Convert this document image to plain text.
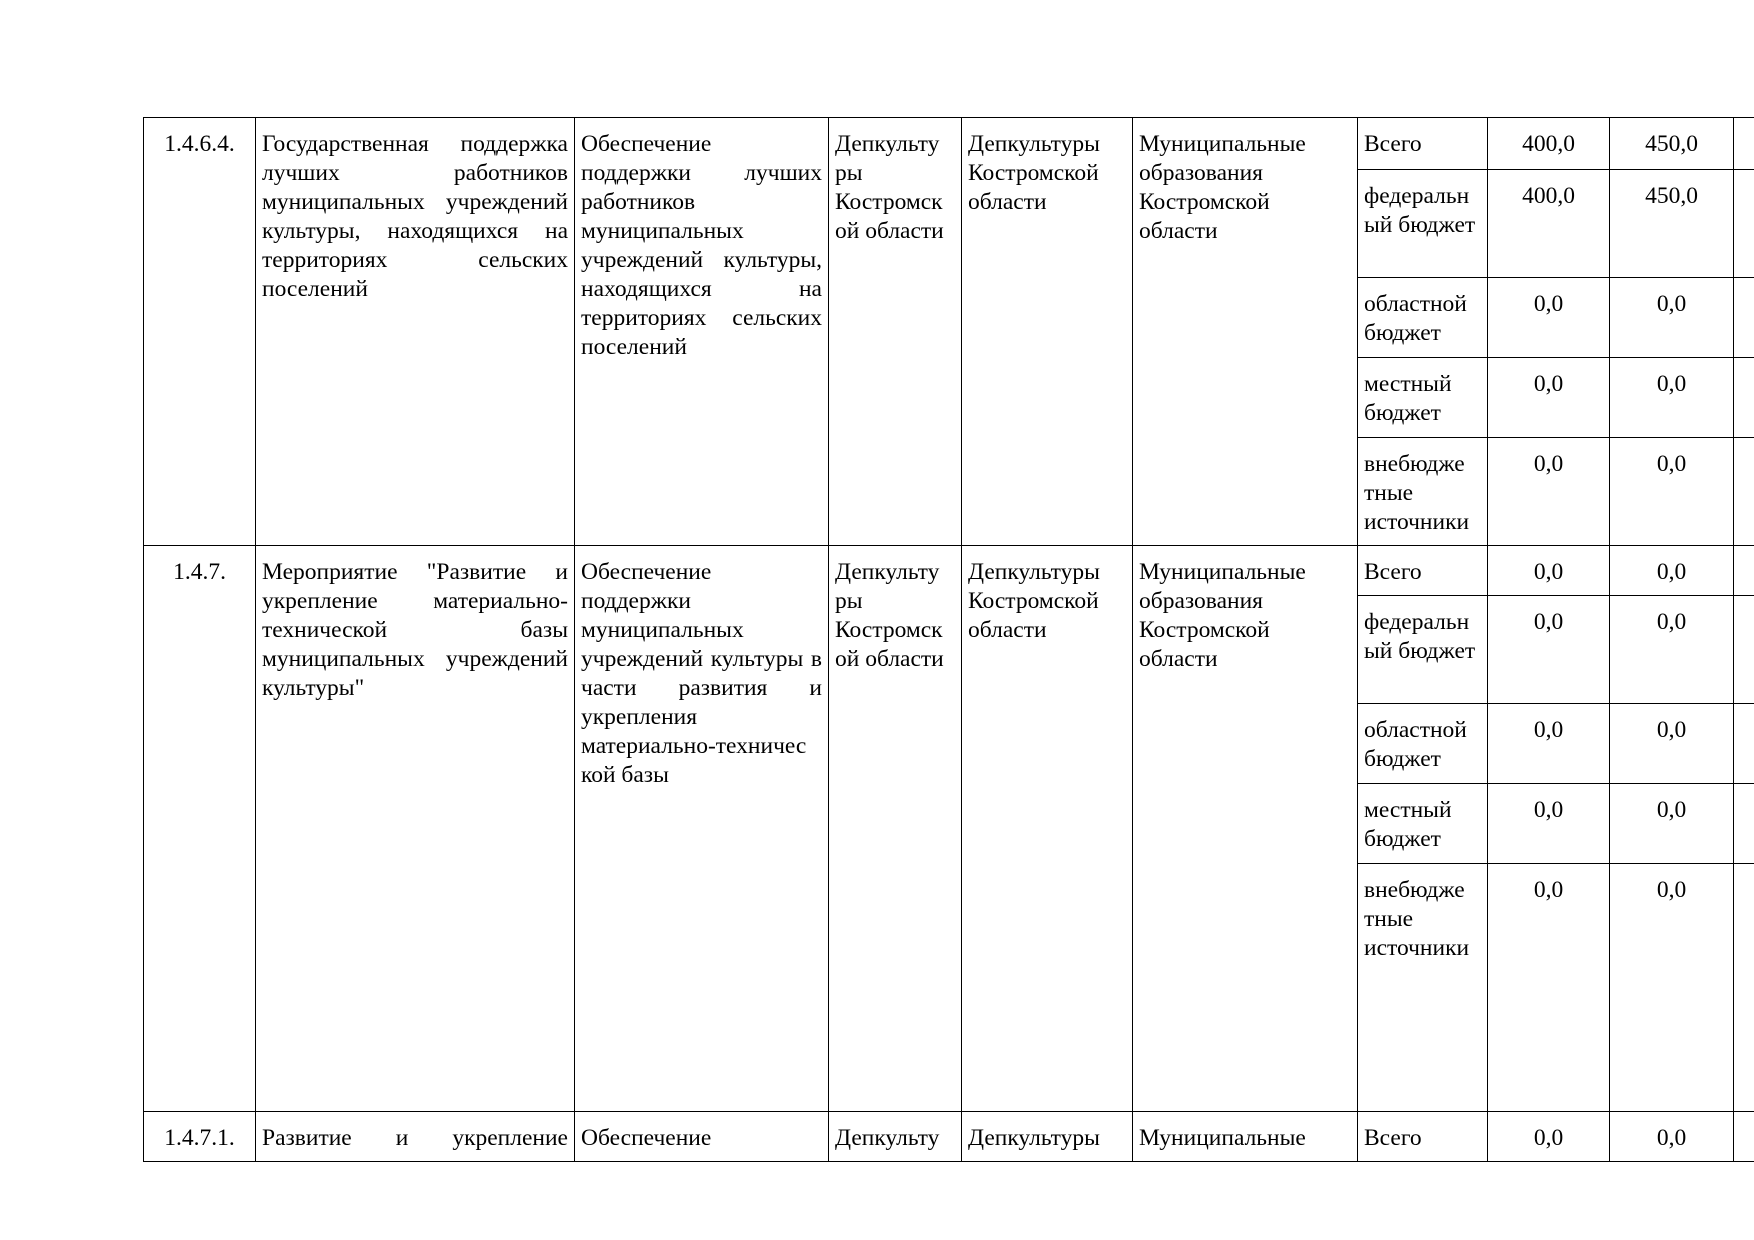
1.4.6.4.	Государственная поддержка лучших работников муниципальных учреждений культуры, находящихся на территориях сельских поселений	Обеспечение поддержки лучших работников муниципальных учреждений культуры, находящихся на территориях сельских поселений	Депкульту ры Костромск ой области	Депкультуры Костромской области	Муниципальные образования Костромской области	Всего	400,0	450,0	
						федеральн ый бюджет	400,0	450,0	
						областной бюджет	0,0	0,0	
						местный бюджет	0,0	0,0	
						внебюдже тные источники	0,0	0,0	
1.4.7.	Мероприятие "Развитие и укрепление материально-технической базы муниципальных учреждений культуры"	Обеспечение поддержки муниципальных учреждений культуры в части развития и укрепления материально-техничес кой базы	Депкульту ры Костромск ой области	Депкультуры Костромской области	Муниципальные образования Костромской области	Всего	0,0	0,0	
						федеральн ый бюджет	0,0	0,0	
						областной бюджет	0,0	0,0	
						местный бюджет	0,0	0,0	
						внебюдже тные источники	0,0	0,0	
1.4.7.1.	Развитие и укрепление	Обеспечение	Депкульту	Депкультуры	Муниципальные	Всего	0,0	0,0	
